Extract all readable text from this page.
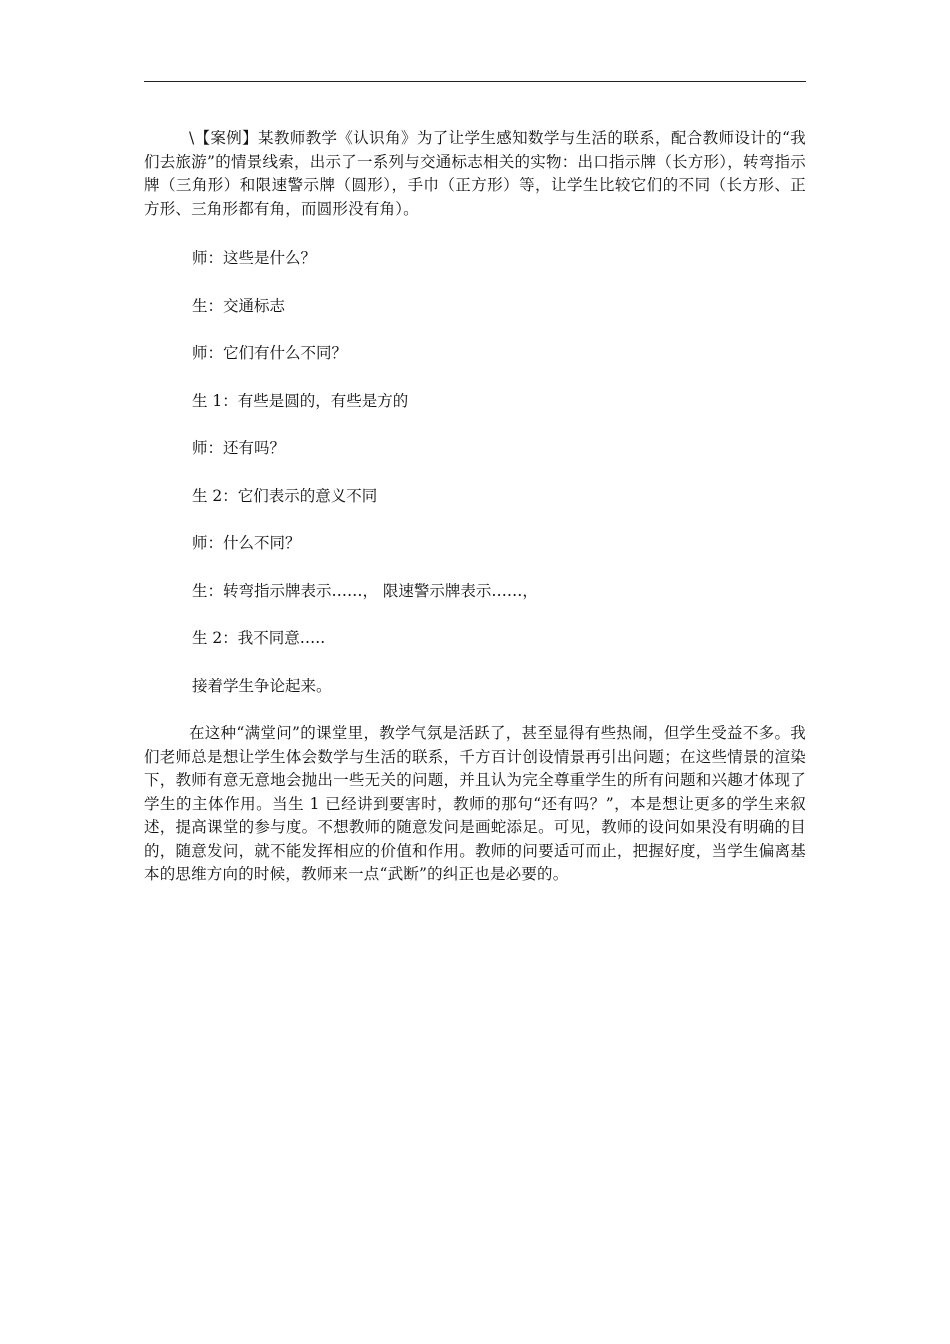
\【案例】某教师教学《认识角》为了让学生感知数学与生活的联系，配合教师设计的“我们去旅游”的情景线索，出示了一系列与交通标志相关的实物：出口指示牌（长方形），转弯指示牌（三角形）和限速警示牌（圆形），手巾（正方形）等，让学生比较它们的不同（长方形、正方形、三角形都有角，而圆形没有角）。

师：这些是什么？

生：交通标志

师：它们有什么不同？

生 1：有些是圆的，有些是方的

师：还有吗？

生 2：它们表示的意义不同

师：什么不同？

生：转弯指示牌表示……， 限速警示牌表示……，

生 2：我不同意…..

接着学生争论起来。

在这种“满堂问”的课堂里，教学气氛是活跃了，甚至显得有些热闹，但学生受益不多。我们老师总是想让学生体会数学与生活的联系，千方百计创设情景再引出问题；在这些情景的渲染下，教师有意无意地会抛出一些无关的问题，并且认为完全尊重学生的所有问题和兴趣才体现了学生的主体作用。当生 1 已经讲到要害时，教师的那句“还有吗？”，本是想让更多的学生来叙述，提高课堂的参与度。不想教师的随意发问是画蛇添足。可见，教师的设问如果没有明确的目的，随意发问，就不能发挥相应的价值和作用。教师的问要适可而止，把握好度，当学生偏离基本的思维方向的时候，教师来一点“武断”的纠正也是必要的。
